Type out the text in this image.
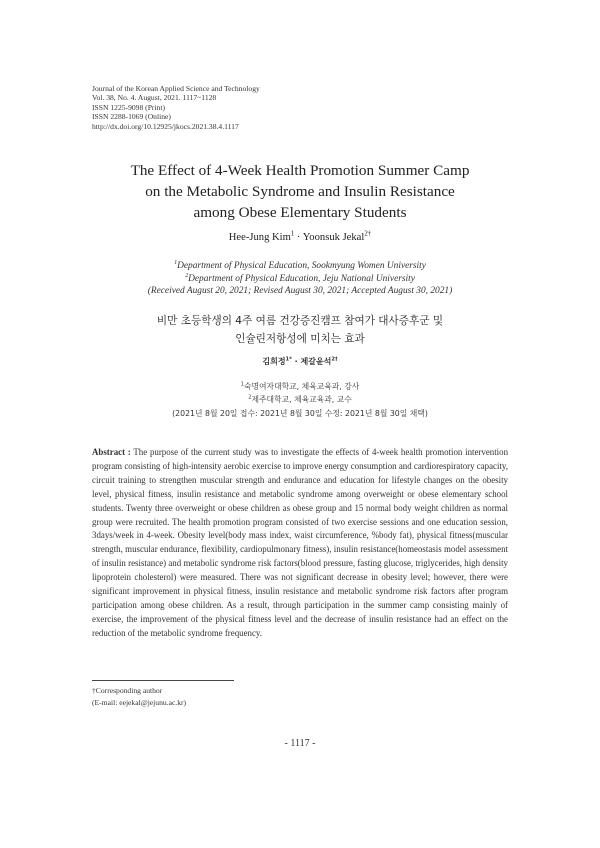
Journal of the Korean Applied Science and Technology
Vol. 38, No. 4. August, 2021. 1117~1128
ISSN 1225-9098 (Print)
ISSN 2288-1069 (Online)
http://dx.doi.org/10.12925/jkocs.2021.38.4.1117
The Effect of 4-Week Health Promotion Summer Camp
on the Metabolic Syndrome and Insulin Resistance
among Obese Elementary Students
Hee-Jung Kim$^1$ · Yoonsuk Jekal$^{2\dagger}$
$^1$Department of Physical Education, Sookmyung Women University
$^2$Department of Physical Education, Jeju National University
(Received August 20, 2021; Revised August 30, 2021; Accepted August 30, 2021)
비만 초등학생의 4주 여름 건강증진캠프 참여가 대사증후군 및
인슐린저항성에 미치는 효과
김희정$^{1*}$ · 제갈윤석$^{2\dagger}$
$^1$숙명여자대학교, 체육교육과, 강사
$^2$제주대학교, 체육교육과, 교수
(2021년 8월 20일 접수: 2021년 8월 30일 수정: 2021년 8월 30일 채택)
Abstract : The purpose of the current study was to investigate the effects of 4-week health promotion intervention program consisting of high-intensity aerobic exercise to improve energy consumption and cardiorespiratory capacity, circuit training to strengthen muscular strength and endurance and education for lifestyle changes on the obesity level, physical fitness, insulin resistance and metabolic syndrome among overweight or obese elementary school students. Twenty three overweight or obese children as obese group and 15 normal body weight children as normal group were recruited. The health promotion program consisted of two exercise sessions and one education session, 3days/week in 4-week. Obesity level(body mass index, waist circumference, %body fat), physical fitness(muscular strength, muscular endurance, flexibility, cardiopulmonary fitness), insulin resistance(homeostasis model assessment of insulin resistance) and metabolic syndrome risk factors(blood pressure, fasting glucose, triglycerides, high density lipoprotein cholesterol) were measured. There was not significant decrease in obesity level; however, there were significant improvement in physical fitness, insulin resistance and metabolic syndrome risk factors after program participation among obese children. As a result, through participation in the summer camp consisting mainly of exercise, the improvement of the physical fitness level and the decrease of insulin resistance had an effect on the reduction of the metabolic syndrome frequency.
†Corresponding author
(E-mail: eejekal@jejunu.ac.kr)
- 1117 -
